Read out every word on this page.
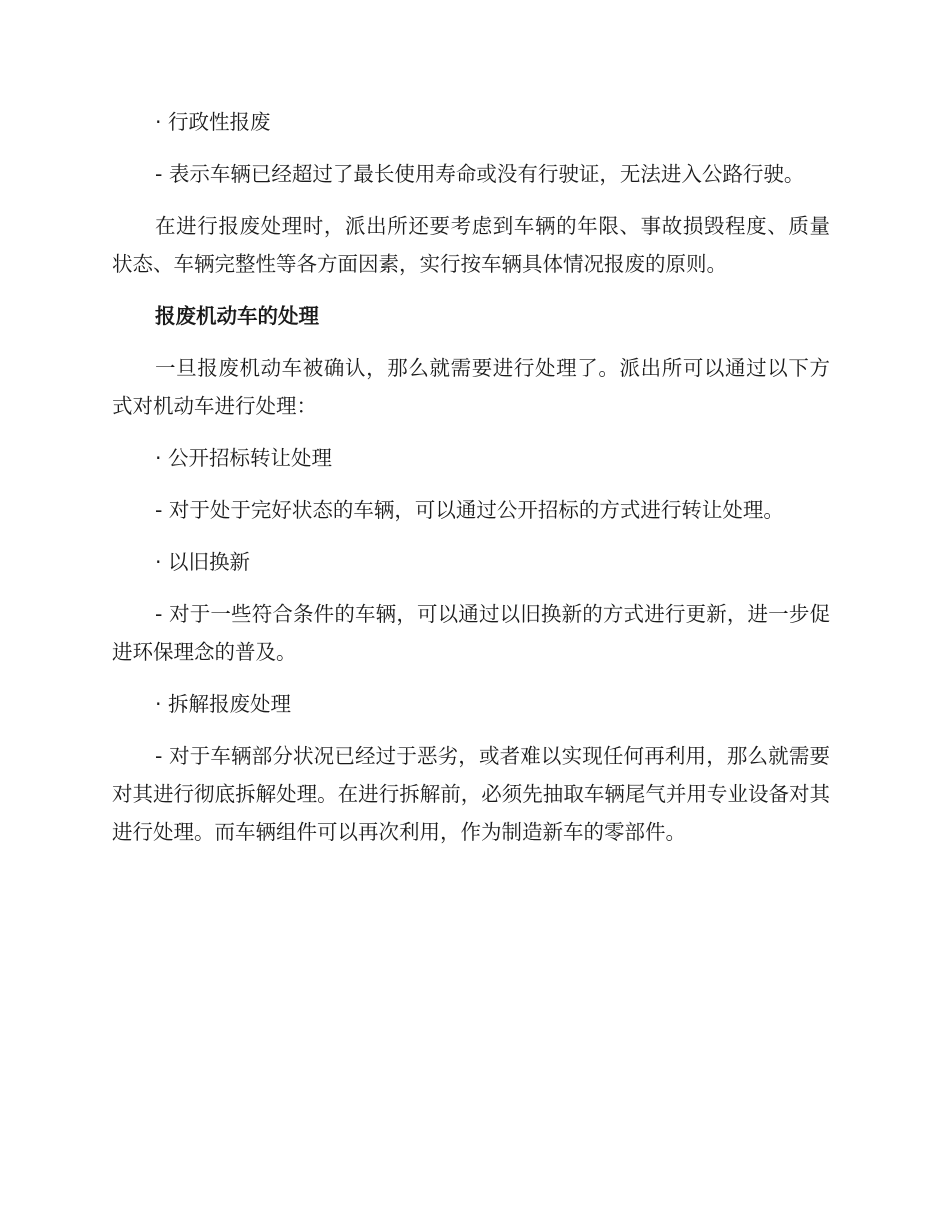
· 行政性报废

- 表示车辆已经超过了最长使用寿命或没有行驶证，无法进入公路行驶。

在进行报废处理时，派出所还要考虑到车辆的年限、事故损毁程度、质量状态、车辆完整性等各方面因素，实行按车辆具体情况报废的原则。

报废机动车的处理

一旦报废机动车被确认，那么就需要进行处理了。派出所可以通过以下方式对机动车进行处理：

· 公开招标转让处理

- 对于处于完好状态的车辆，可以通过公开招标的方式进行转让处理。

· 以旧换新

- 对于一些符合条件的车辆，可以通过以旧换新的方式进行更新，进一步促进环保理念的普及。

· 拆解报废处理

- 对于车辆部分状况已经过于恶劣，或者难以实现任何再利用，那么就需要对其进行彻底拆解处理。在进行拆解前，必须先抽取车辆尾气并用专业设备对其进行处理。而车辆组件可以再次利用，作为制造新车的零部件。
